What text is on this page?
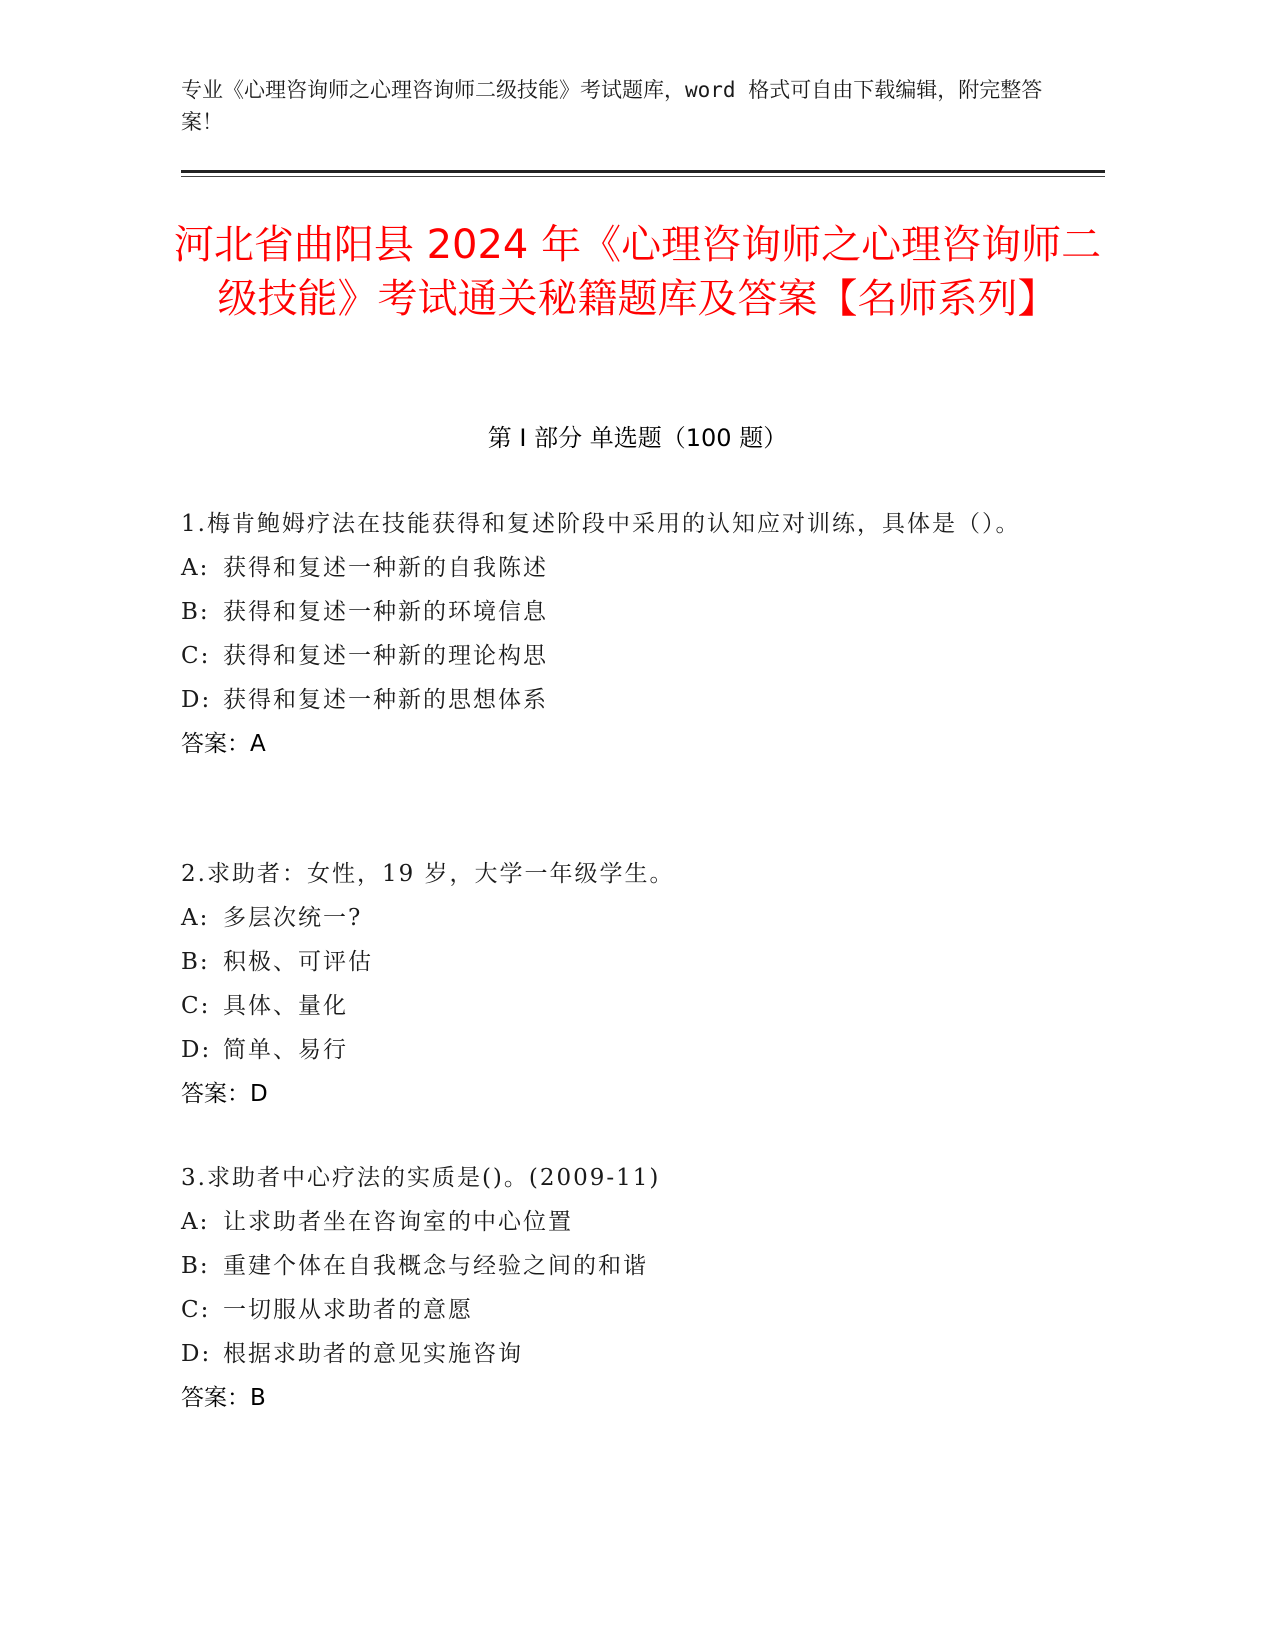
专业《心理咨询师之心理咨询师二级技能》考试题库，word 格式可自由下载编辑，附完整答案！
河北省曲阳县 2024 年《心理咨询师之心理咨询师二级技能》考试通关秘籍题库及答案【名师系列】
第 I 部分 单选题（100 题）
1.梅肯鲍姆疗法在技能获得和复述阶段中采用的认知应对训练，具体是（）。
A: 获得和复述一种新的自我陈述
B: 获得和复述一种新的环境信息
C: 获得和复述一种新的理论构思
D: 获得和复述一种新的思想体系
答案：A
2.求助者：女性，19 岁，大学一年级学生。
A: 多层次统一?
B: 积极、可评估
C: 具体、量化
D: 简单、易行
答案：D
3.求助者中心疗法的实质是()。(2009-11)
A: 让求助者坐在咨询室的中心位置
B: 重建个体在自我概念与经验之间的和谐
C: 一切服从求助者的意愿
D: 根据求助者的意见实施咨询
答案：B
